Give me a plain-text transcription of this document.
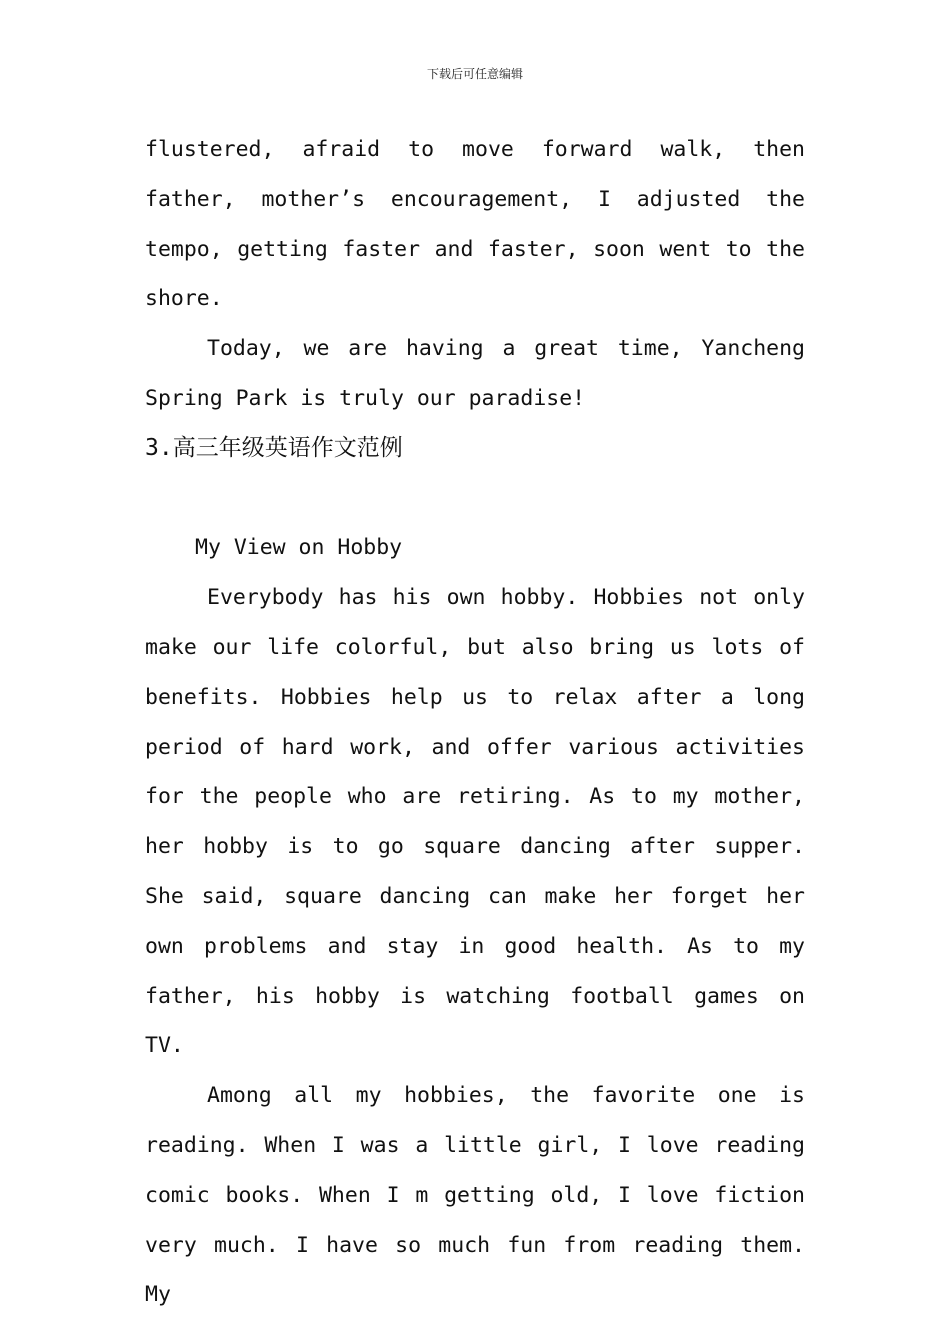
下载后可任意编辑

flustered, afraid to move forward walk, then father, mother’s encouragement, I adjusted the tempo, getting faster and faster, soon went to the shore.

Today, we are having a great time, Yancheng Spring Park is truly our paradise!

3.高三年级英语作文范例

My View on Hobby

Everybody has his own hobby. Hobbies not only make our life colorful, but also bring us lots of benefits. Hobbies help us to relax after a long period of hard work, and offer various activities for the people who are retiring. As to my mother, her hobby is to go square dancing after supper. She said, square dancing can make her forget her own problems and stay in good health. As to my father, his hobby is watching football games on TV.

Among all my hobbies, the favorite one is reading. When I was a little girl, I love reading comic books. When I m getting old, I love fiction very much. I have so much fun from reading them. My
